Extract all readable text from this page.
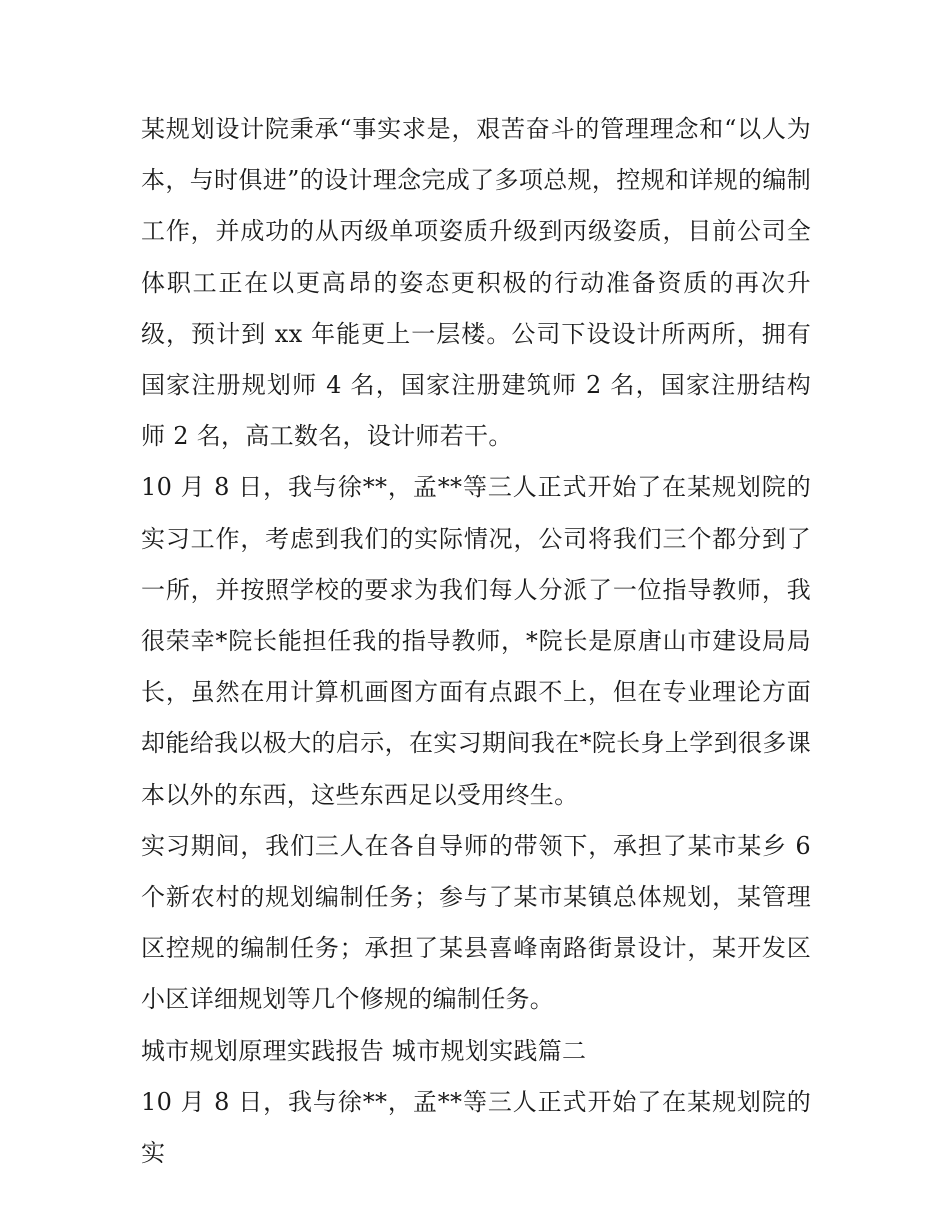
某规划设计院秉承“事实求是，艰苦奋斗的管理理念和“以人为本，与时俱进”的设计理念完成了多项总规，控规和详规的编制工作，并成功的从丙级单项姿质升级到丙级姿质，目前公司全体职工正在以更高昂的姿态更积极的行动准备资质的再次升级，预计到 xx 年能更上一层楼。公司下设设计所两所，拥有国家注册规划师 4 名，国家注册建筑师 2 名，国家注册结构师 2 名，高工数名，设计师若干。

10 月 8 日，我与徐**，孟**等三人正式开始了在某规划院的实习工作，考虑到我们的实际情况，公司将我们三个都分到了一所，并按照学校的要求为我们每人分派了一位指导教师，我很荣幸*院长能担任我的指导教师，*院长是原唐山市建设局局长，虽然在用计算机画图方面有点跟不上，但在专业理论方面却能给我以极大的启示，在实习期间我在*院长身上学到很多课本以外的东西，这些东西足以受用终生。

实习期间，我们三人在各自导师的带领下，承担了某市某乡 6 个新农村的规划编制任务；参与了某市某镇总体规划，某管理区控规的编制任务；承担了某县喜峰南路街景设计，某开发区小区详细规划等几个修规的编制任务。

城市规划原理实践报告 城市规划实践篇二

10 月 8 日，我与徐**，孟**等三人正式开始了在某规划院的实
